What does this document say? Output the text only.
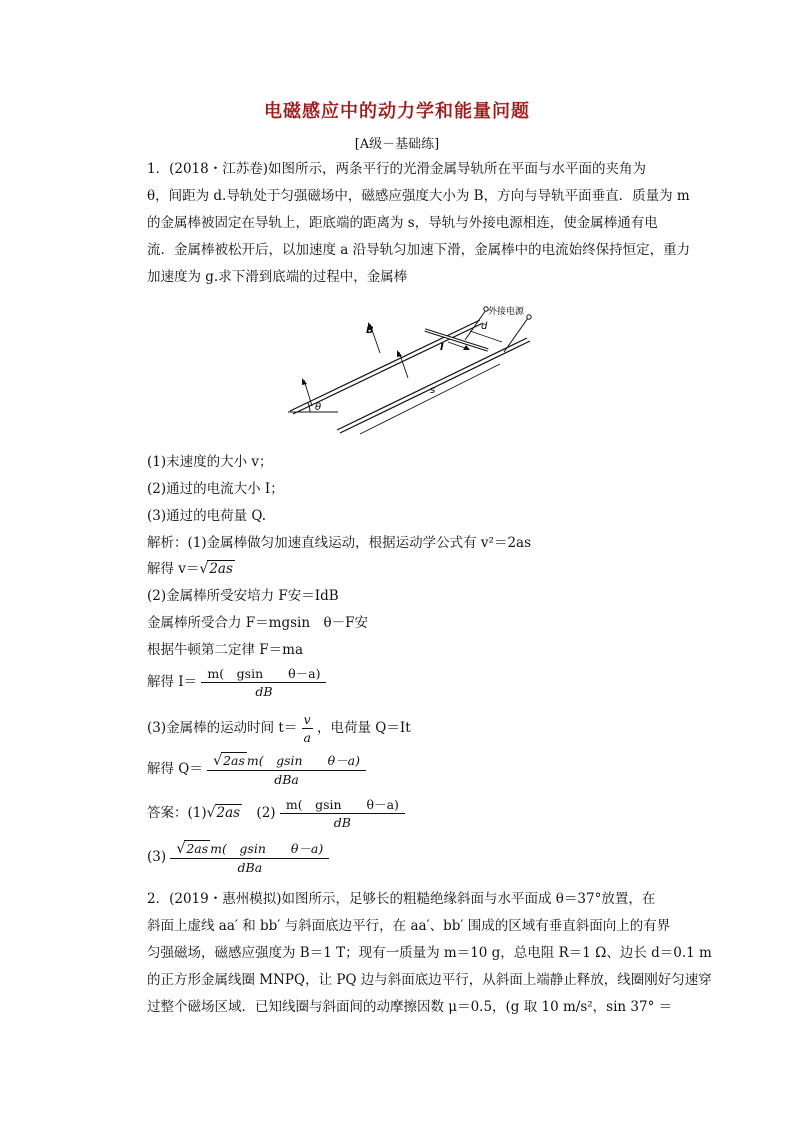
电磁感应中的动力学和能量问题
[A级－基础练]
1．(2018・江苏卷)如图所示，两条平行的光滑金属导轨所在平面与水平面的夹角为
θ，间距为 d.导轨处于匀强磁场中，磁感应强度大小为 B，方向与导轨平面垂直．质量为 m
的金属棒被固定在导轨上，距底端的距离为 s，导轨与外接电源相连，使金属棒通有电
流．金属棒被松开后，以加速度 a 沿导轨匀加速下滑，金属棒中的电流始终保持恒定，重力
加速度为 g.求下滑到底端的过程中，金属棒
θ
外接电源
d
B
I
s
(1)末速度的大小 v；
(2)通过的电流大小 I；
(3)通过的电荷量 Q.
解析：(1)金属棒做匀加速直线运动，根据运动学公式有 v²＝2as
解得 v＝√2as
(2)金属棒所受安培力 F安＝IdB
金属棒所受合力 F＝mgsin　θ－F安
根据牛顿第二定律 F＝ma
解得 $I= \frac{\text{m(　gsin　　θ－a)}}{dB}$
(3)金属棒的运动时间 $t= \frac{v}{a}$ ，电荷量 Q＝It
解得 $Q= \frac{\text{√2as m(　gsin　　θ－a)}}{\text{dBa}}$
答案：(1)√2as $(2) \frac{\text{m(　gsin　　θ－a)}}{dB}$
$(3) \frac{\text{√2as m(　gsin　　θ－a)}}{\text{dBa}}$
2．(2019・惠州模拟)如图所示，足够长的粗糙绝缘斜面与水平面成 θ＝37°放置，在
斜面上虚线 aa′ 和 bb′ 与斜面底边平行，在 aa′、bb′ 围成的区域有垂直斜面向上的有界
匀强磁场，磁感应强度为 B＝1 T；现有一质量为 m＝10 g，总电阻 R＝1 Ω、边长 d＝0.1 m
的正方形金属线圈 MNPQ，让 PQ 边与斜面底边平行，从斜面上端静止释放，线圈刚好匀速穿
过整个磁场区域．已知线圈与斜面间的动摩擦因数 μ＝0.5，(g 取 10 m/s²，sin 37° ＝
